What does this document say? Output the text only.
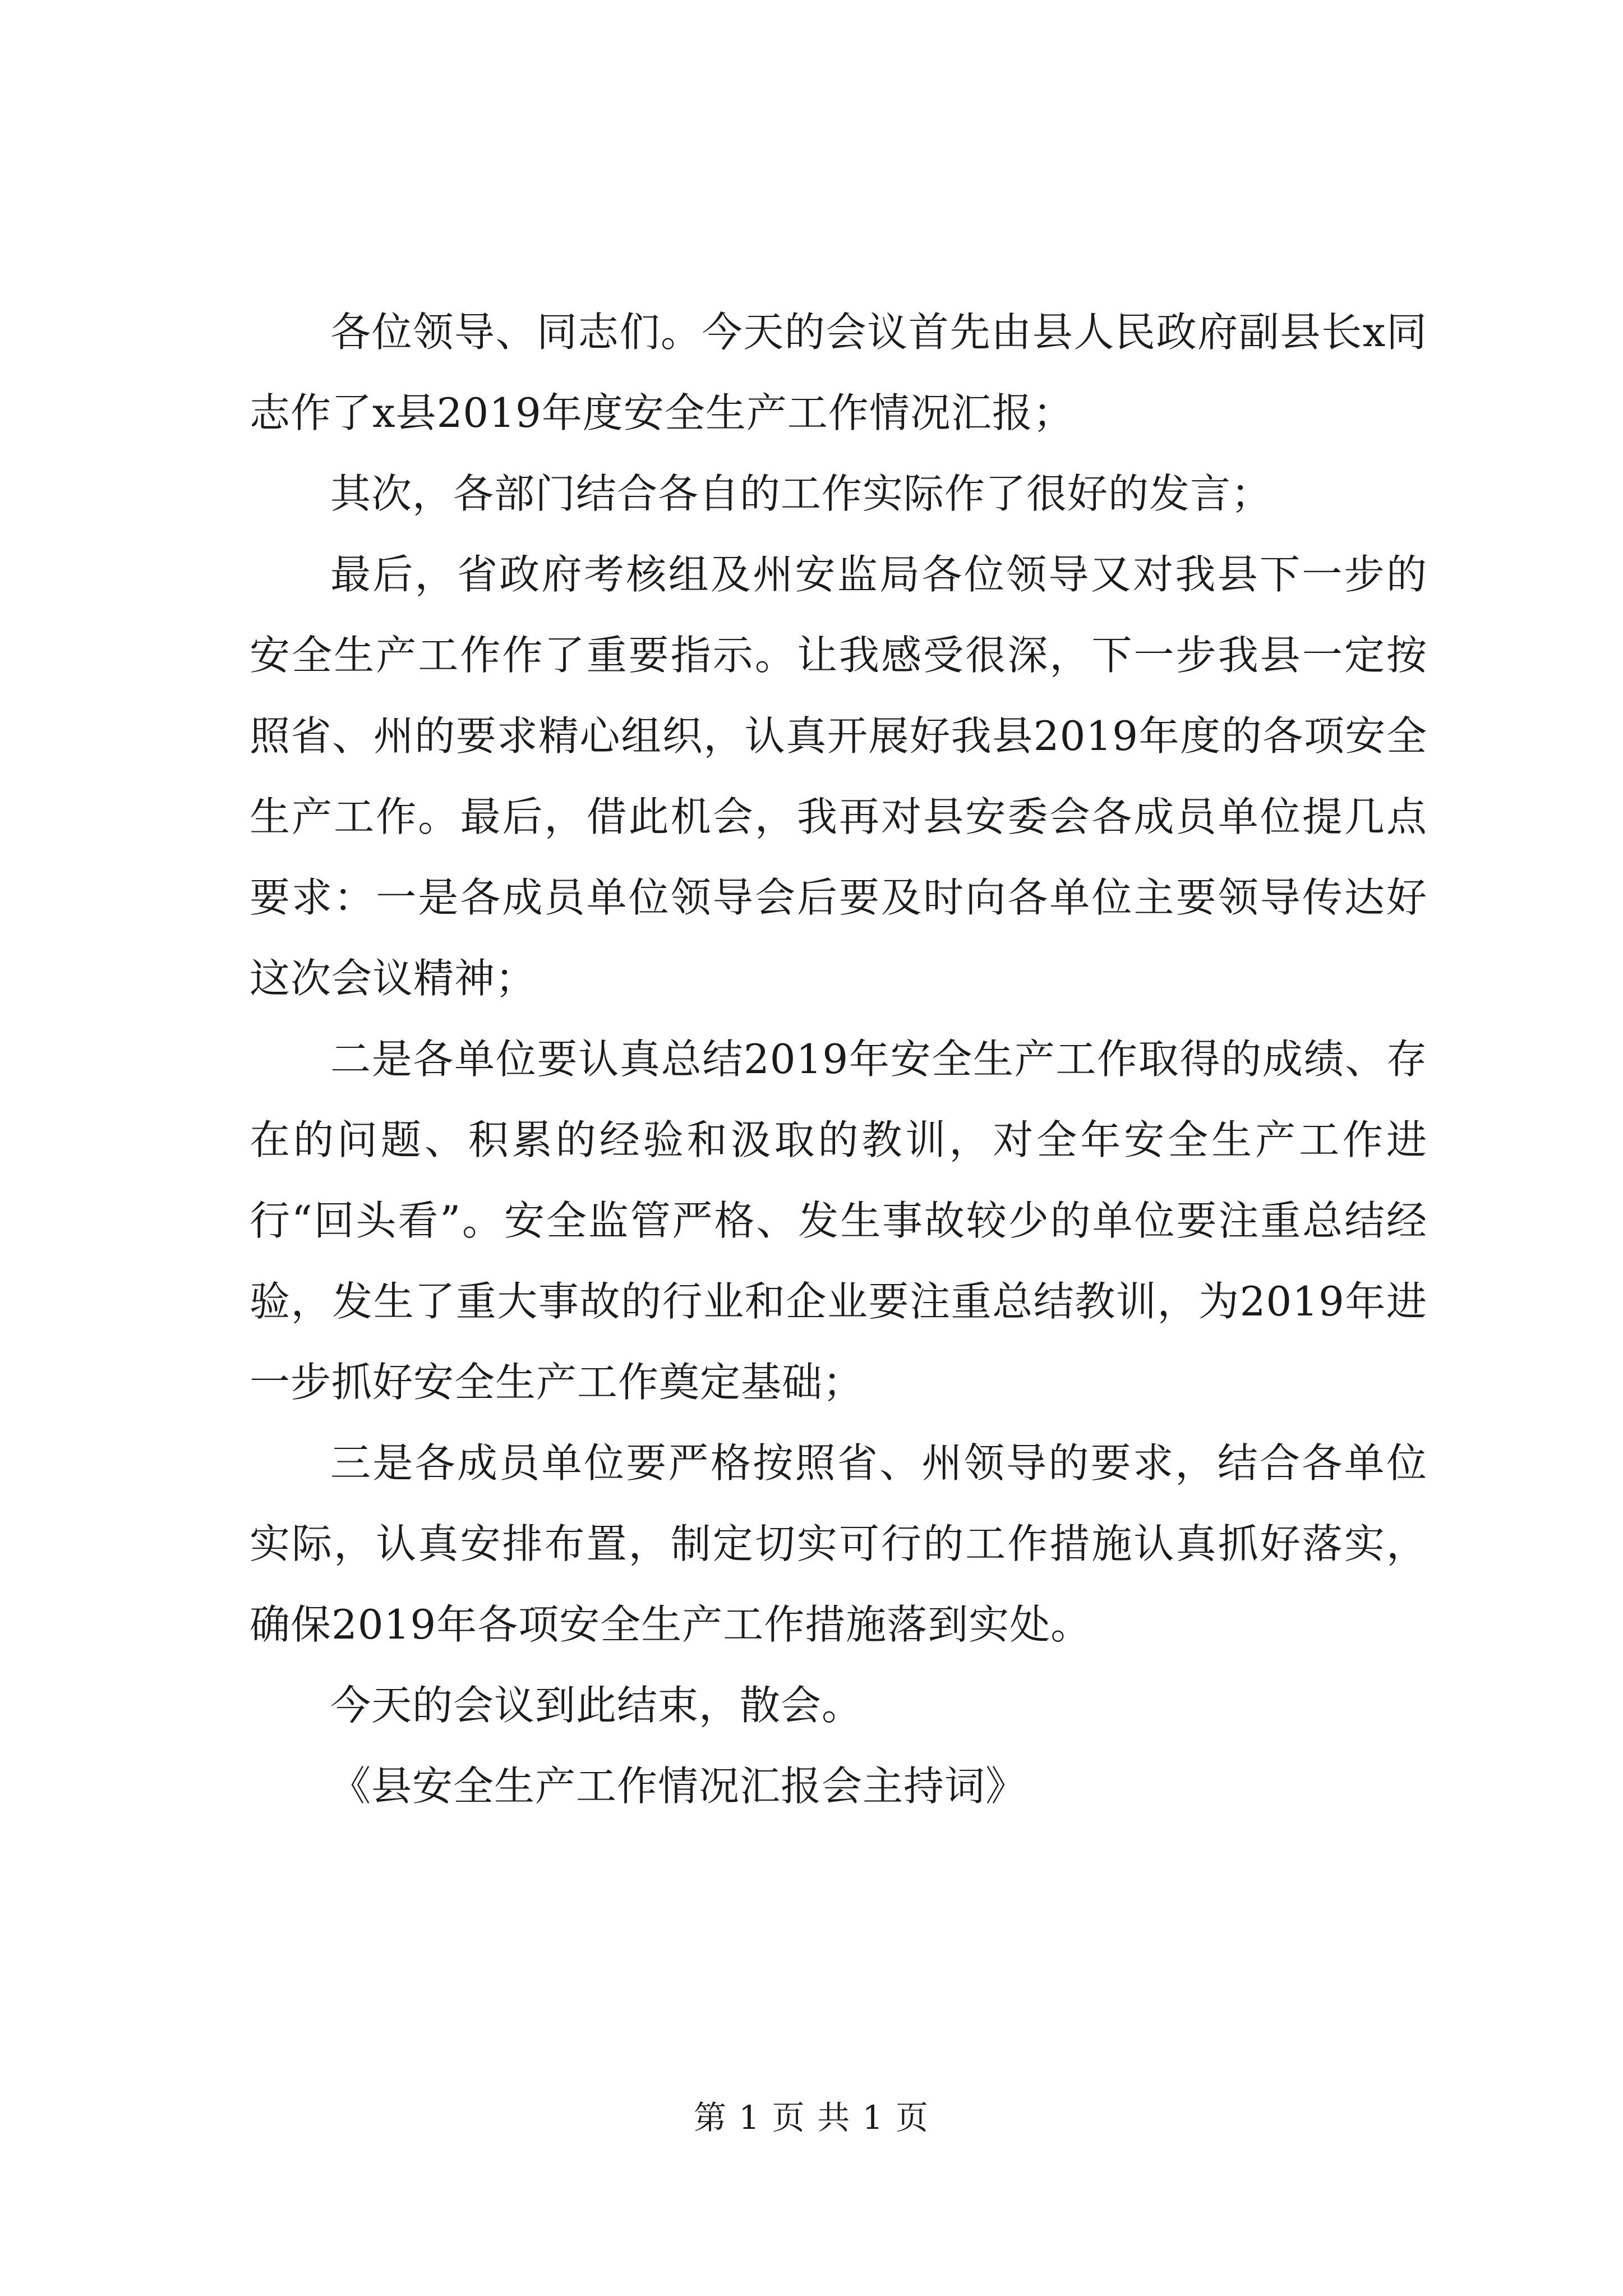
各位领导、同志们。今天的会议首先由县人民政府副县长x同志作了x县2019年度安全生产工作情况汇报；

其次，各部门结合各自的工作实际作了很好的发言；

最后，省政府考核组及州安监局各位领导又对我县下一步的安全生产工作作了重要指示。让我感受很深，下一步我县一定按照省、州的要求精心组织，认真开展好我县2019年度的各项安全生产工作。最后，借此机会，我再对县安委会各成员单位提几点要求：一是各成员单位领导会后要及时向各单位主要领导传达好这次会议精神；

二是各单位要认真总结2019年安全生产工作取得的成绩、存在的问题、积累的经验和汲取的教训，对全年安全生产工作进行“回头看”。安全监管严格、发生事故较少的单位要注重总结经验，发生了重大事故的行业和企业要注重总结教训，为2019年进一步抓好安全生产工作奠定基础；

三是各成员单位要严格按照省、州领导的要求，结合各单位实际，认真安排布置，制定切实可行的工作措施认真抓好落实，确保2019年各项安全生产工作措施落到实处。

今天的会议到此结束，散会。

《县安全生产工作情况汇报会主持词》

第 1 页 共 1 页
